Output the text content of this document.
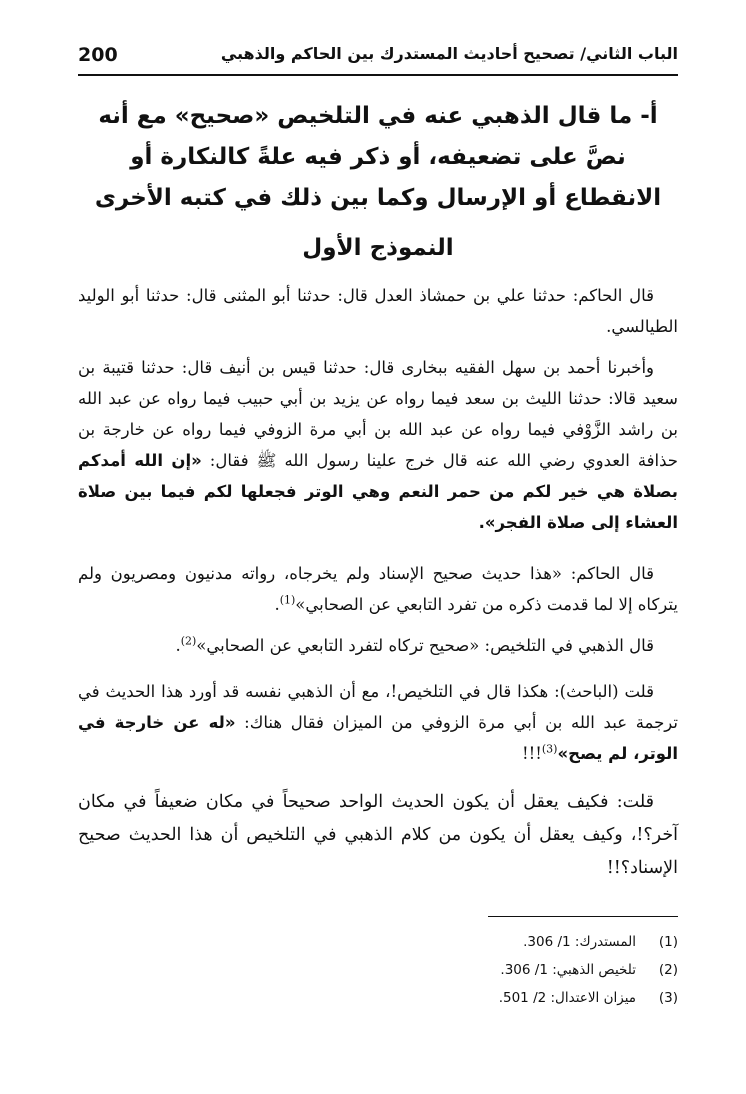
200	الباب الثاني/ تصحيح أحاديث المستدرك بين الحاكم والذهبي
أ- ما قال الذهبي عنه في التلخيص «صحيح» مع أنه نصَّ على تضعيفه، أو ذكر فيه علةً كالنكارة أو الانقطاع أو الإرسال وكما بين ذلك في كتبه الأخرى
النموذج الأول
قال الحاكم: حدثنا علي بن حمشاذ العدل قال: حدثنا أبو المثنى قال: حدثنا أبو الوليد الطيالسي.
وأخبرنا أحمد بن سهل الفقيه ببخارى قال: حدثنا قيس بن أنيف قال: حدثنا قتيبة بن سعيد قالا: حدثنا الليث بن سعد فيما رواه عن يزيد بن أبي حبيب فيما رواه عن عبد الله بن راشد الزَّوْفي فيما رواه عن عبد الله بن أبي مرة الزوفي فيما رواه عن خارجة بن حذافة العدوي رضي الله عنه قال خرج علينا رسول الله ﷺ فقال: «إن الله أمدكم بصلاة هي خير لكم من حمر النعم وهي الوتر فجعلها لكم فيما بين صلاة العشاء إلى صلاة الفجر».
قال الحاكم: «هذا حديث صحيح الإسناد ولم يخرجاه، رواته مدنيون ومصريون ولم يتركاه إلا لما قدمت ذكره من تفرد التابعي عن الصحابي»$^{(1)}$.
قال الذهبي في التلخيص: «صحيح تركاه لتفرد التابعي عن الصحابي»$^{(2)}$.
قلت (الباحث): هكذا قال في التلخيص!، مع أن الذهبي نفسه قد أورد هذا الحديث في ترجمة عبد الله بن أبي مرة الزوفي من الميزان فقال هناك: «له عن خارجة في الوتر، لم يصح»$^{(3)}$!!!
قلت: فكيف يعقل أن يكون الحديث الواحد صحيحاً في مكان ضعيفاً في مكان آخر؟!، وكيف يعقل أن يكون من كلام الذهبي في التلخيص أن هذا الحديث صحيح الإسناد؟!!
(1)
المستدرك: 1/ 306.
(2)
تلخيص الذهبي: 1/ 306.
(3)
ميزان الاعتدال: 2/ 501.
